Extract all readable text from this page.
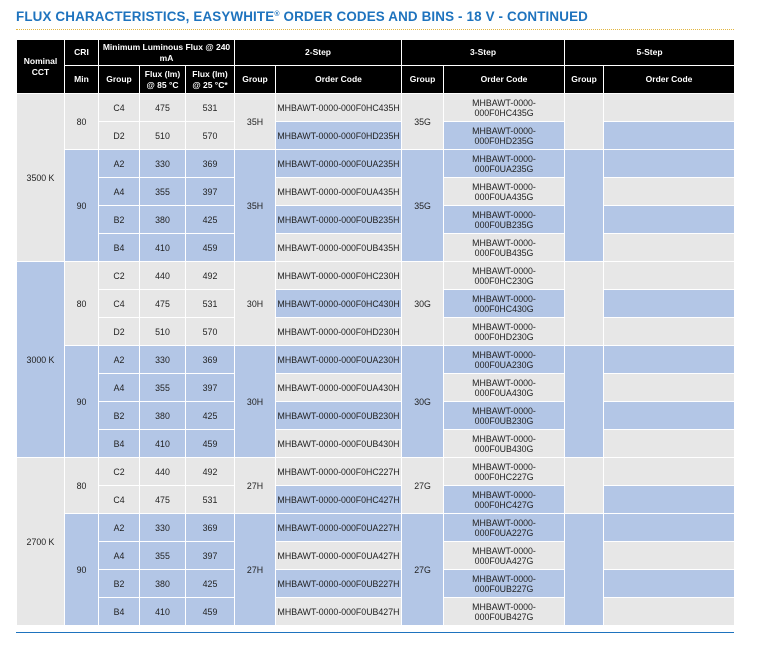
FLUX CHARACTERISTICS, EASYWHITE® ORDER CODES AND BINS - 18 V - CONTINUED
Nominal CCT	CRI	Minimum Luminous Flux @ 240 mA			2-Step		3-Step		5-Step	
	Min	Group	Flux (lm) @ 85 °C	Flux (lm) @ 25 °C*	Group	Order Code	Group	Order Code	Group	Order Code
3500 K	80	C4	475	531	35H	MHBAWT-0000-000F0HC435H	35G	MHBAWT-0000-000F0HC435G		
		D2	510	570		MHBAWT-0000-000F0HD235H		MHBAWT-0000-000F0HD235G		
	90	A2	330	369	35H	MHBAWT-0000-000F0UA235H	35G	MHBAWT-0000-000F0UA235G		
		A4	355	397		MHBAWT-0000-000F0UA435H		MHBAWT-0000-000F0UA435G		
		B2	380	425		MHBAWT-0000-000F0UB235H		MHBAWT-0000-000F0UB235G		
		B4	410	459		MHBAWT-0000-000F0UB435H		MHBAWT-0000-000F0UB435G		
3000 K	80	C2	440	492	30H	MHBAWT-0000-000F0HC230H	30G	MHBAWT-0000-000F0HC230G		
		C4	475	531		MHBAWT-0000-000F0HC430H		MHBAWT-0000-000F0HC430G		
		D2	510	570		MHBAWT-0000-000F0HD230H		MHBAWT-0000-000F0HD230G		
	90	A2	330	369	30H	MHBAWT-0000-000F0UA230H	30G	MHBAWT-0000-000F0UA230G		
		A4	355	397		MHBAWT-0000-000F0UA430H		MHBAWT-0000-000F0UA430G		
		B2	380	425		MHBAWT-0000-000F0UB230H		MHBAWT-0000-000F0UB230G		
		B4	410	459		MHBAWT-0000-000F0UB430H		MHBAWT-0000-000F0UB430G		
2700 K	80	C2	440	492	27H	MHBAWT-0000-000F0HC227H	27G	MHBAWT-0000-000F0HC227G		
		C4	475	531		MHBAWT-0000-000F0HC427H		MHBAWT-0000-000F0HC427G		
	90	A2	330	369	27H	MHBAWT-0000-000F0UA227H	27G	MHBAWT-0000-000F0UA227G		
		A4	355	397		MHBAWT-0000-000F0UA427H		MHBAWT-0000-000F0UA427G		
		B2	380	425		MHBAWT-0000-000F0UB227H		MHBAWT-0000-000F0UB227G		
		B4	410	459		MHBAWT-0000-000F0UB427H		MHBAWT-0000-000F0UB427G		
